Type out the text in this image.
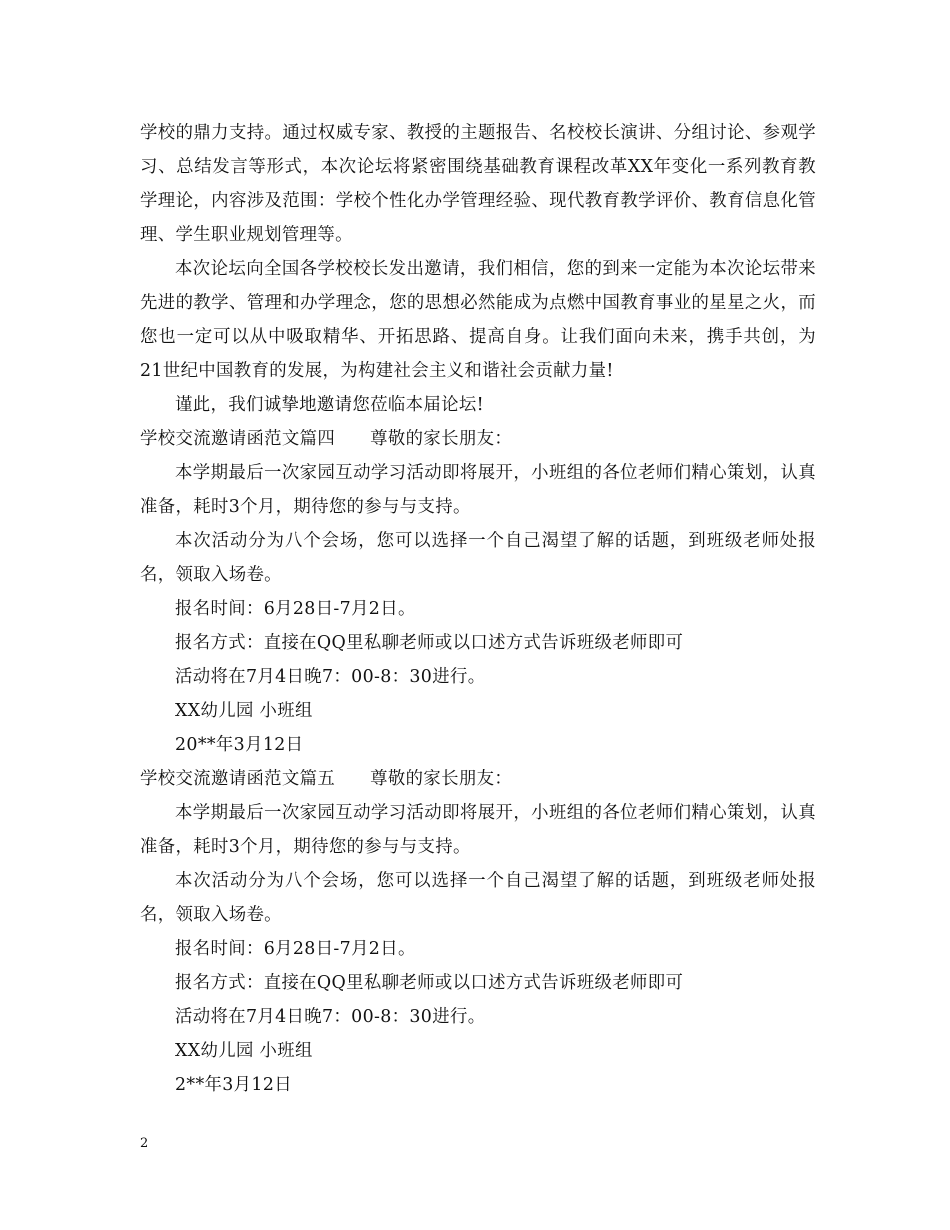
学校的鼎力支持。通过权威专家、教授的主题报告、名校校长演讲、分组讨论、参观学习、总结发言等形式，本次论坛将紧密围绕基础教育课程改革XX年变化一系列教育教学理论，内容涉及范围：学校个性化办学管理经验、现代教育教学评价、教育信息化管理、学生职业规划管理等。

本次论坛向全国各学校校长发出邀请，我们相信，您的到来一定能为本次论坛带来先进的教学、管理和办学理念，您的思想必然能成为点燃中国教育事业的星星之火，而您也一定可以从中吸取精华、开拓思路、提高自身。让我们面向未来，携手共创，为21世纪中国教育的发展，为构建社会主义和谐社会贡献力量!

谨此，我们诚挚地邀请您莅临本届论坛!

学校交流邀请函范文篇四 尊敬的家长朋友：

本学期最后一次家园互动学习活动即将展开，小班组的各位老师们精心策划，认真准备，耗时3个月，期待您的参与与支持。

本次活动分为八个会场，您可以选择一个自己渴望了解的话题，到班级老师处报名，领取入场卷。

报名时间：6月28日-7月2日。

报名方式：直接在QQ里私聊老师或以口述方式告诉班级老师即可

活动将在7月4日晚7：00-8：30进行。

XX幼儿园 小班组

20**年3月12日

学校交流邀请函范文篇五 尊敬的家长朋友：

本学期最后一次家园互动学习活动即将展开，小班组的各位老师们精心策划，认真准备，耗时3个月，期待您的参与与支持。

本次活动分为八个会场，您可以选择一个自己渴望了解的话题，到班级老师处报名，领取入场卷。

报名时间：6月28日-7月2日。

报名方式：直接在QQ里私聊老师或以口述方式告诉班级老师即可

活动将在7月4日晚7：00-8：30进行。

XX幼儿园 小班组

2**年3月12日

2
